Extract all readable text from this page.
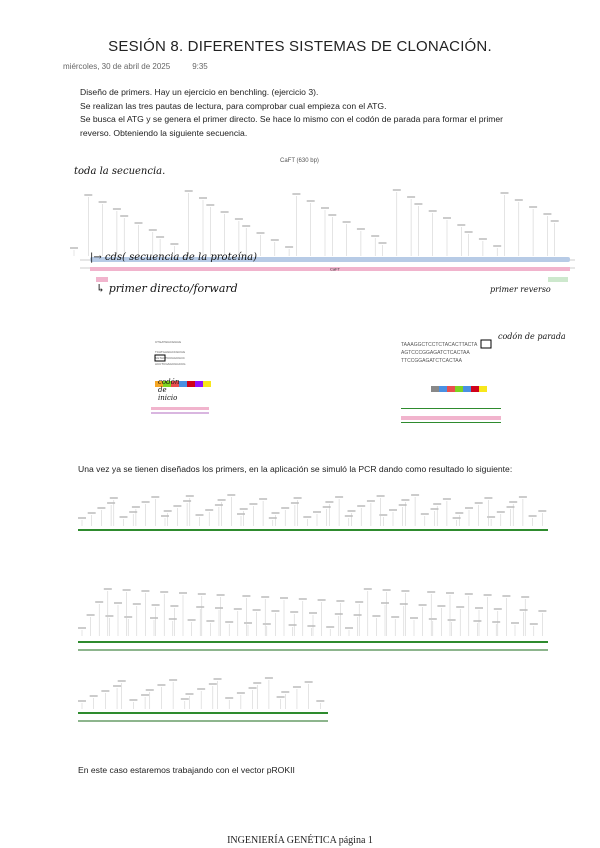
SESIÓN 8. DIFERENTES SISTEMAS DE CLONACIÓN.
miércoles, 30 de abril de 2025	9:35
Diseño de primers. Hay un ejercicio en benchling. (ejercicio 3).
Se realizan las tres pautas de lectura, para comprobar cual empieza con el ATG.
Se busca el ATG y se genera el primer directo. Se hace lo mismo con el codón de parada para formar el primer
reverso. Obteniendo la siguiente secuencia.
CaFT (630 bp)
CaFT
toda la secuencia.
|→ cds( secuencia de la proteína)
↳ primer directo/forward	primer reverso
CTGATGGCGGGG
TCATGAGGCCGCGG
AGTACTCCGGCGCC
ACCTCGAGCGGCCG
codón de inicio
TAAAGGCTCCTCTACACTTACTA
AGTCCCGGAGATCTCACTAA
TTCCGGAGATCTCACTAA
codón de parada
Una vez ya se tienen diseñados los primers, en la aplicación se simuló la PCR dando como resultado lo siguiente:
En este caso estaremos trabajando con el vector pROKII
INGENIERÍA GENÉTICA página 1
